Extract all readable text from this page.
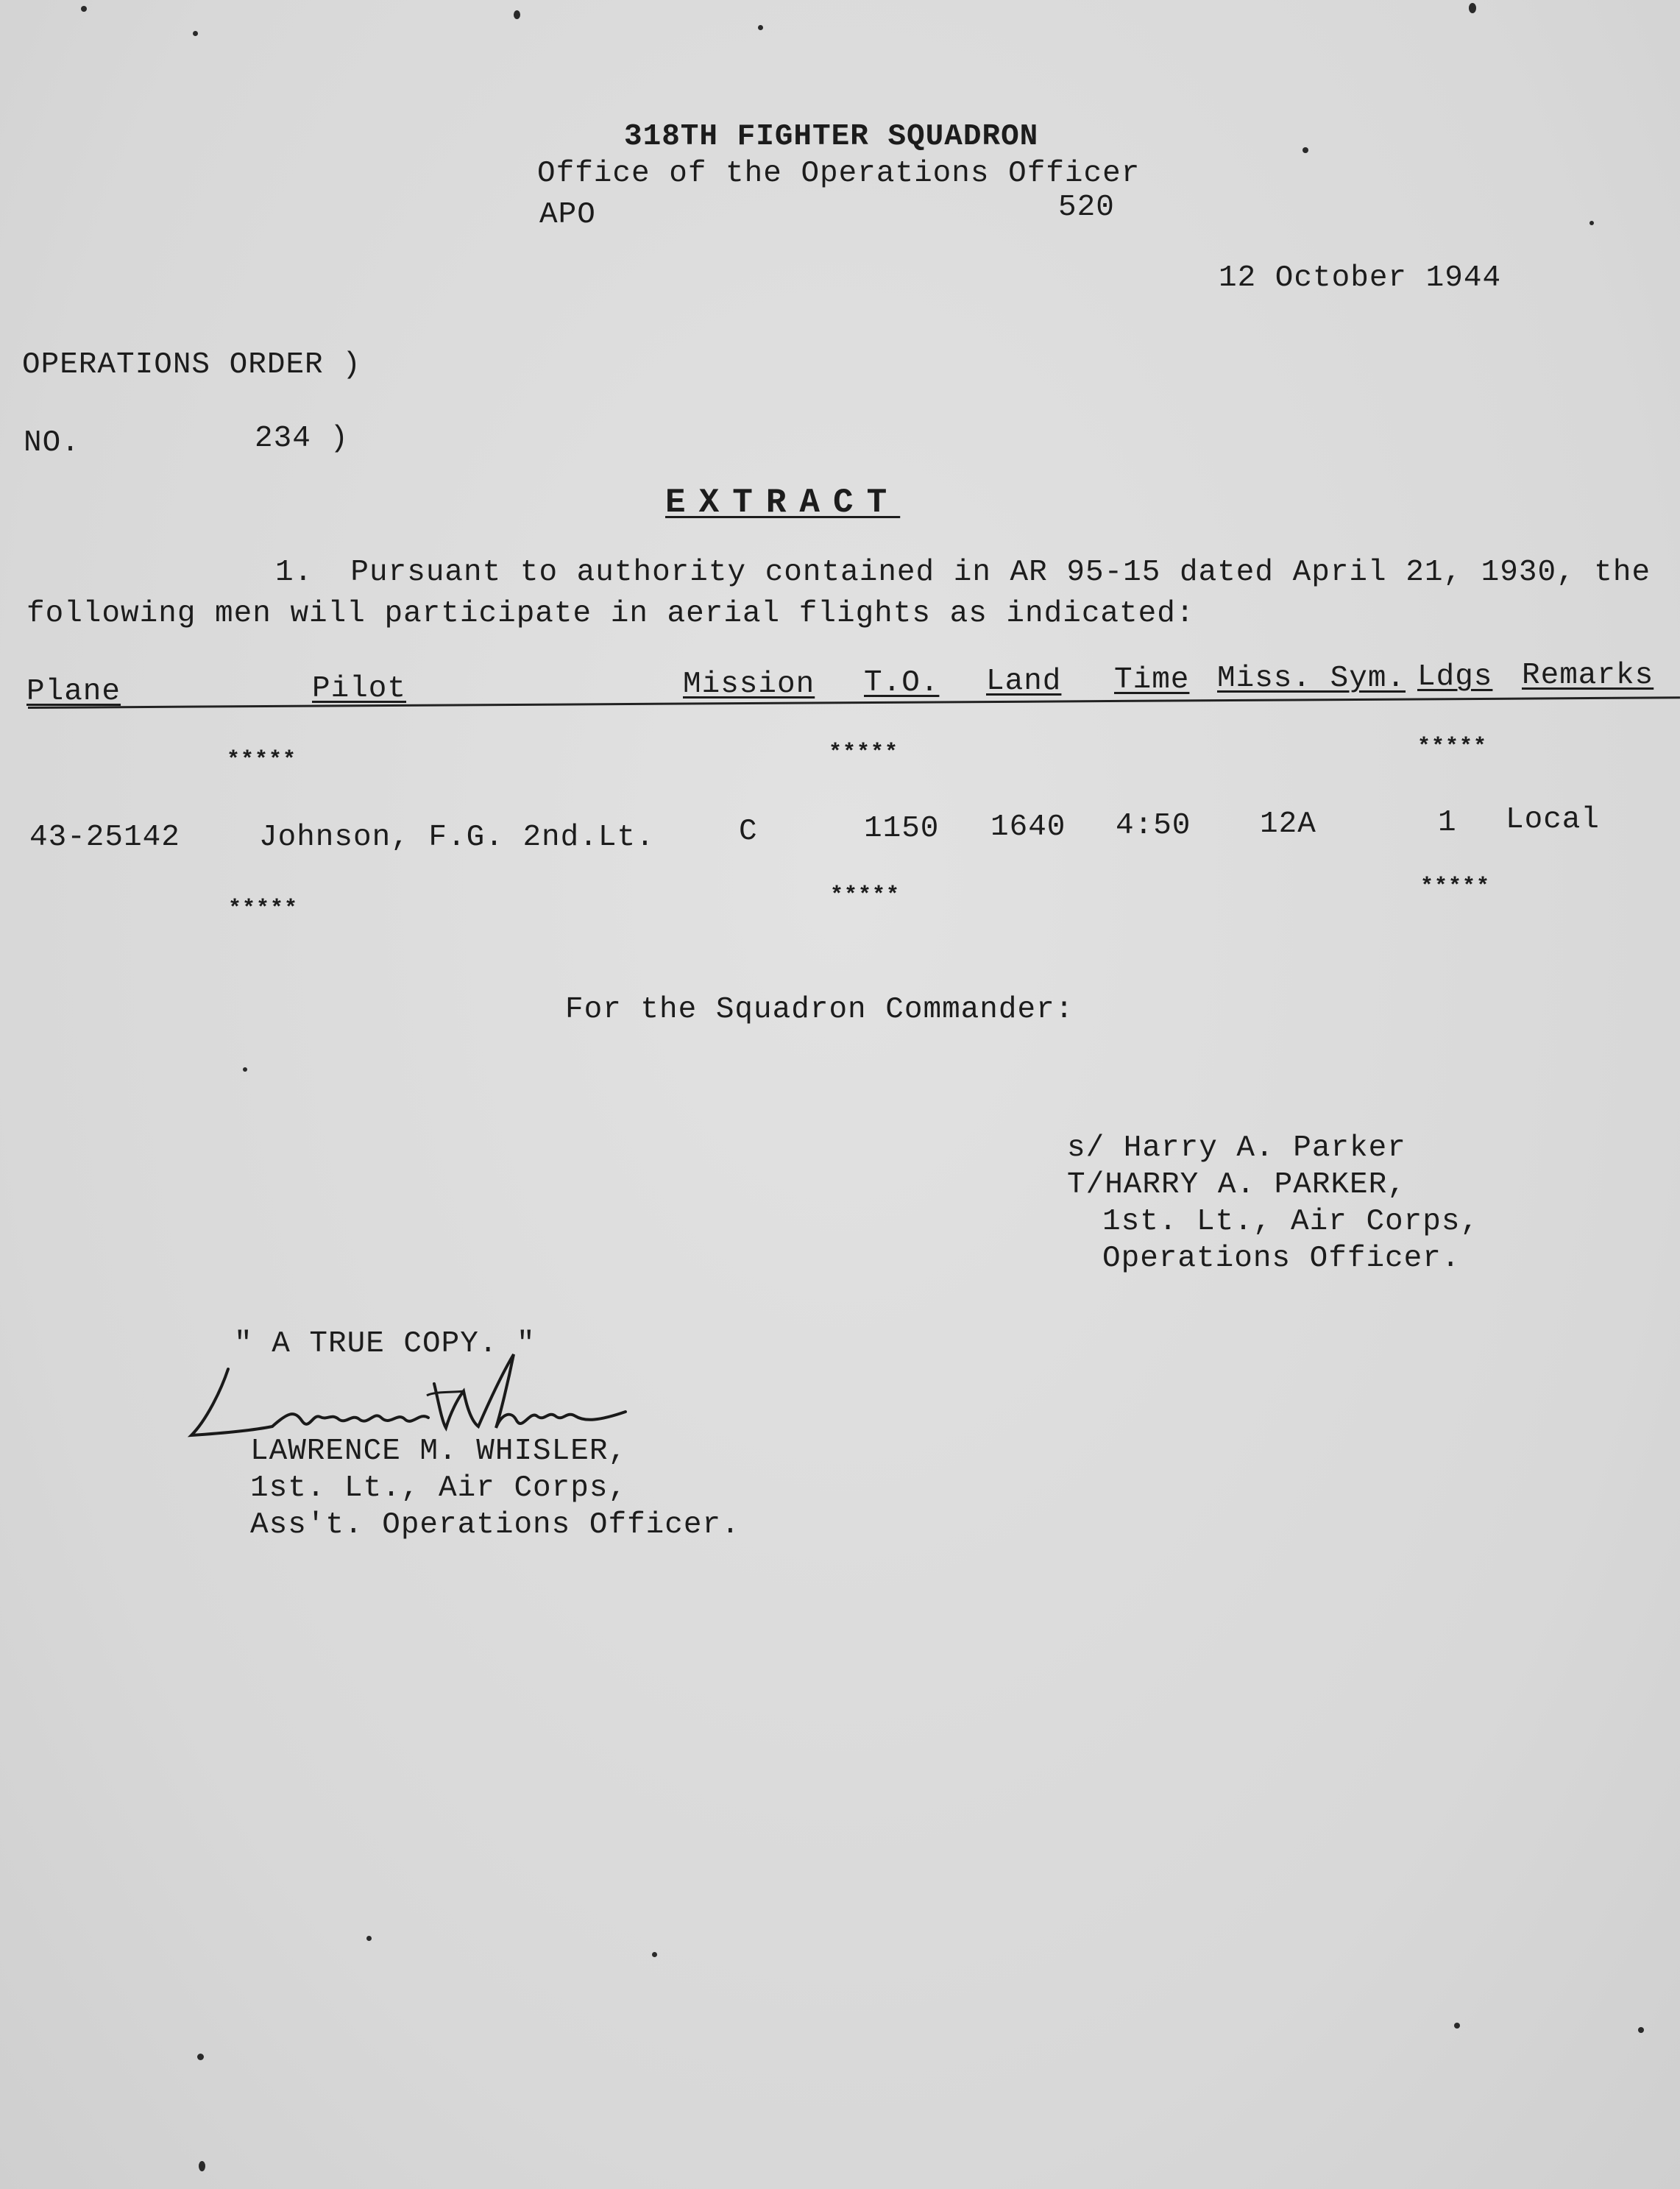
318TH FIGHTER SQUADRON
Office of the Operations Officer
APO	520
12 October 1944
OPERATIONS ORDER )
NO.	234 )
EXTRACT
1.  Pursuant to authority contained in AR 95-15 dated April 21, 1930, the
following men will participate in aerial flights as indicated:
Plane	Pilot	Mission T.O. Land Time Miss. Sym. Ldgs Remarks
*****	*****	*****
43-25142	Johnson, F.G. 2nd.Lt.	C	1150 1640 4:50 12A	1 Local
*****
*****	*****
For the Squadron Commander:
s/ Harry A. Parker
T/HARRY A. PARKER,
1st. Lt., Air Corps,
Operations Officer.
" A TRUE COPY. "
LAWRENCE M. WHISLER,
1st. Lt., Air Corps,
Ass't. Operations Officer.
